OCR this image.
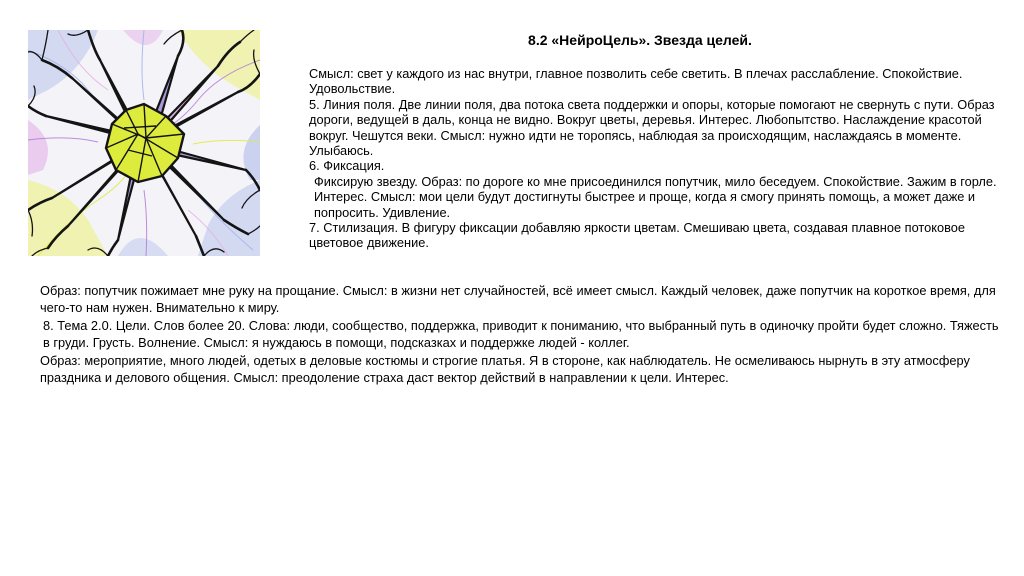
8.2 «НейроЦель». Звезда целей.

Смысл: свет у каждого из нас внутри, главное позволить себе светить. В плечах расслабление. Спокойствие. Удовольствие.

5. Линия поля. Две линии поля, два потока света поддержки и опоры, которые помогают не свернуть с пути. Образ дороги, ведущей в даль, конца не видно. Вокруг цветы, деревья. Интерес. Любопытство. Наслаждение красотой вокруг. Чешутся веки. Смысл: нужно идти не торопясь, наблюдая за происходящим, наслаждаясь в моменте. Улыбаюсь.

6. Фиксация.

Фиксирую звезду. Образ: по дороге ко мне присоединился попутчик, мило беседуем. Спокойствие. Зажим в горле. Интерес. Смысл: мои цели будут достигнуты быстрее и проще, когда я смогу принять помощь, а может даже и попросить. Удивление.

7. Стилизация. В фигуру фиксации добавляю яркости цветам. Смешиваю цвета, создавая плавное потоковое цветовое движение.

Образ: попутчик пожимает мне руку на прощание. Смысл: в жизни нет случайностей, всё имеет смысл. Каждый человек, даже попутчик на короткое время, для чего-то нам нужен. Внимательно к миру.

8. Тема 2.0. Цели. Слов более 20. Слова: люди, сообщество, поддержка, приводит к пониманию, что выбранный путь в одиночку пройти будет сложно. Тяжесть в груди. Грусть. Волнение. Смысл: я нуждаюсь в помощи, подсказках и поддержке людей - коллег.

Образ: мероприятие, много людей, одетых в деловые костюмы и строгие платья. Я в стороне, как наблюдатель. Не осмеливаюсь нырнуть в эту атмосферу праздника и делового общения. Смысл: преодоление страха даст вектор действий в направлении к цели. Интерес.
